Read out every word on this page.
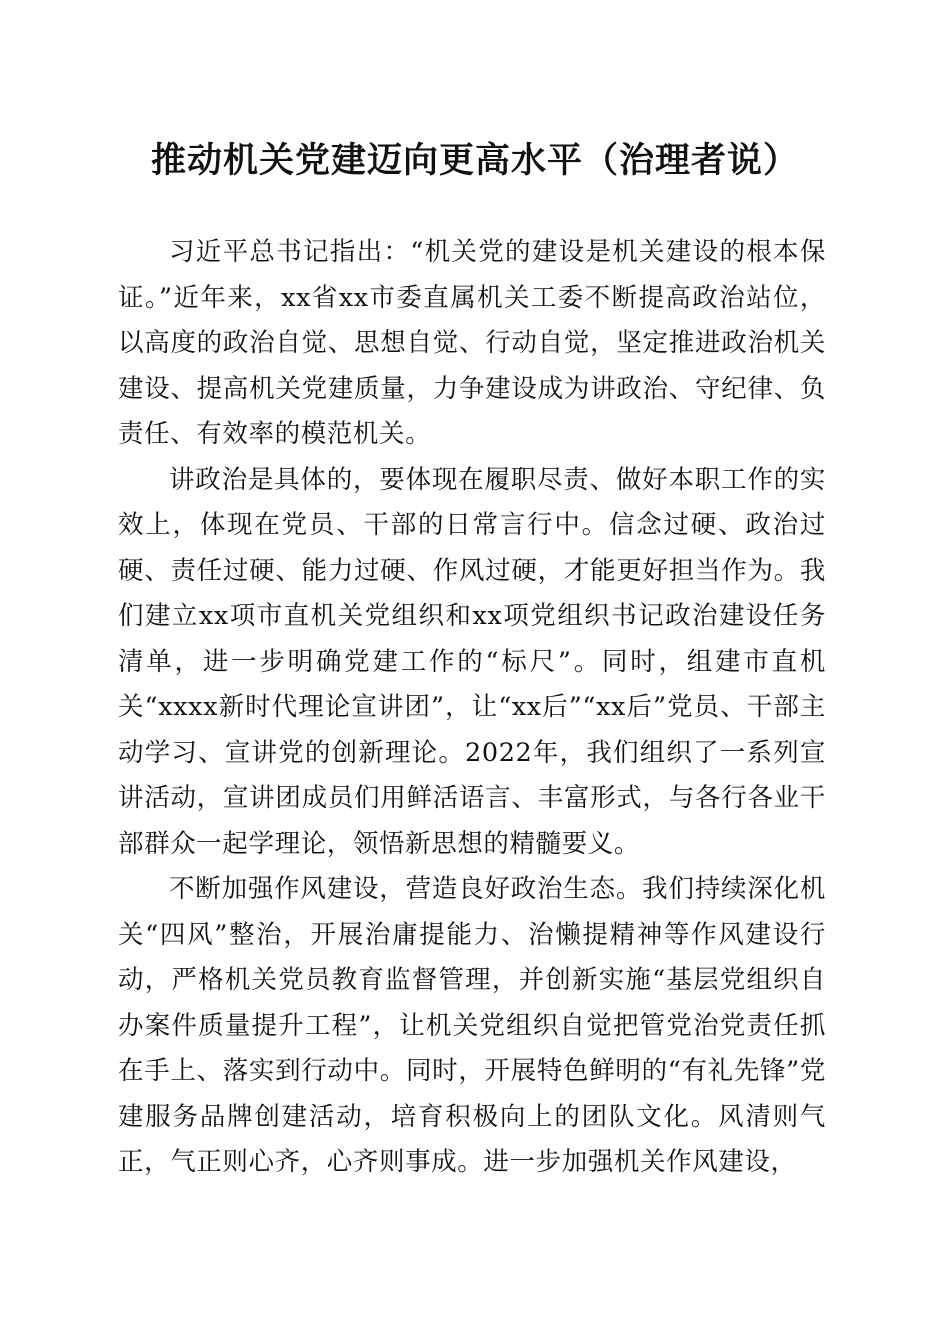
推动机关党建迈向更高水平（治理者说）

习近平总书记指出：“机关党的建设是机关建设的根本保证。”近年来，xx省xx市委直属机关工委不断提高政治站位，以高度的政治自觉、思想自觉、行动自觉，坚定推进政治机关建设、提高机关党建质量，力争建设成为讲政治、守纪律、负责任、有效率的模范机关。

讲政治是具体的，要体现在履职尽责、做好本职工作的实效上，体现在党员、干部的日常言行中。信念过硬、政治过硬、责任过硬、能力过硬、作风过硬，才能更好担当作为。我们建立xx项市直机关党组织和xx项党组织书记政治建设任务清单，进一步明确党建工作的“标尺”。同时，组建市直机关“xxxx新时代理论宣讲团”，让“xx后”“xx后”党员、干部主动学习、宣讲党的创新理论。2022年，我们组织了一系列宣讲活动，宣讲团成员们用鲜活语言、丰富形式，与各行各业干部群众一起学理论，领悟新思想的精髓要义。

不断加强作风建设，营造良好政治生态。我们持续深化机关“四风”整治，开展治庸提能力、治懒提精神等作风建设行动，严格机关党员教育监督管理，并创新实施“基层党组织自办案件质量提升工程”，让机关党组织自觉把管党治党责任抓在手上、落实到行动中。同时，开展特色鲜明的“有礼先锋”党建服务品牌创建活动，培育积极向上的团队文化。风清则气正，气正则心齐，心齐则事成。进一步加强机关作风建设，
